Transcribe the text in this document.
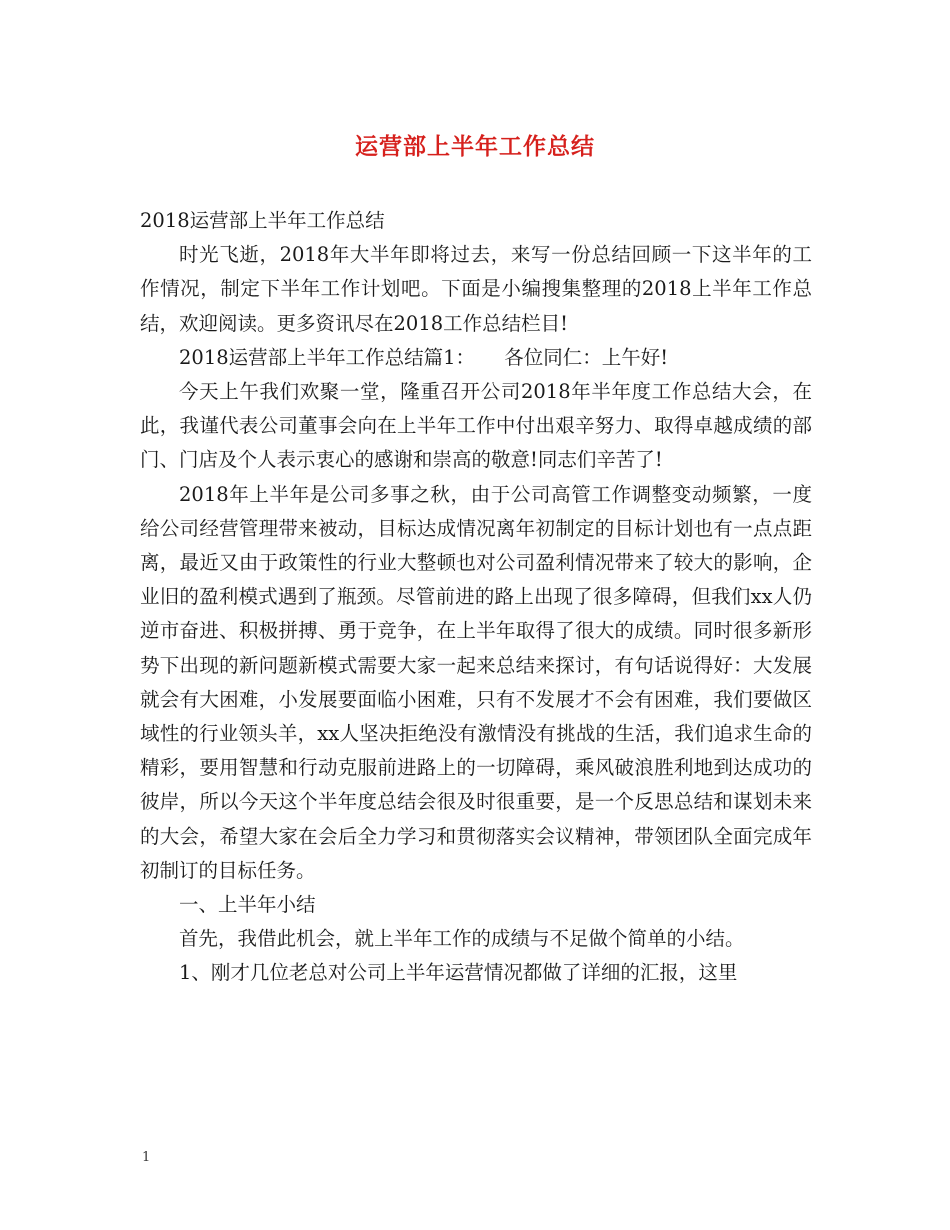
运营部上半年工作总结

2018运营部上半年工作总结

时光飞逝，2018年大半年即将过去，来写一份总结回顾一下这半年的工作情况，制定下半年工作计划吧。下面是小编搜集整理的2018上半年工作总结，欢迎阅读。更多资讯尽在2018工作总结栏目!

2018运营部上半年工作总结篇1：　　各位同仁：上午好!

今天上午我们欢聚一堂，隆重召开公司2018年半年度工作总结大会，在此，我谨代表公司董事会向在上半年工作中付出艰辛努力、取得卓越成绩的部门、门店及个人表示衷心的感谢和崇高的敬意!同志们辛苦了!

2018年上半年是公司多事之秋，由于公司高管工作调整变动频繁，一度给公司经营管理带来被动，目标达成情况离年初制定的目标计划也有一点点距离，最近又由于政策性的行业大整顿也对公司盈利情况带来了较大的影响，企业旧的盈利模式遇到了瓶颈。尽管前进的路上出现了很多障碍，但我们xx人仍逆市奋进、积极拼搏、勇于竞争，在上半年取得了很大的成绩。同时很多新形势下出现的新问题新模式需要大家一起来总结来探讨，有句话说得好：大发展就会有大困难，小发展要面临小困难，只有不发展才不会有困难，我们要做区域性的行业领头羊，xx人坚决拒绝没有激情没有挑战的生活，我们追求生命的精彩，要用智慧和行动克服前进路上的一切障碍，乘风破浪胜利地到达成功的彼岸，所以今天这个半年度总结会很及时很重要，是一个反思总结和谋划未来的大会，希望大家在会后全力学习和贯彻落实会议精神，带领团队全面完成年初制订的目标任务。

一、上半年小结

首先，我借此机会，就上半年工作的成绩与不足做个简单的小结。

1、刚才几位老总对公司上半年运营情况都做了详细的汇报，这里

1
